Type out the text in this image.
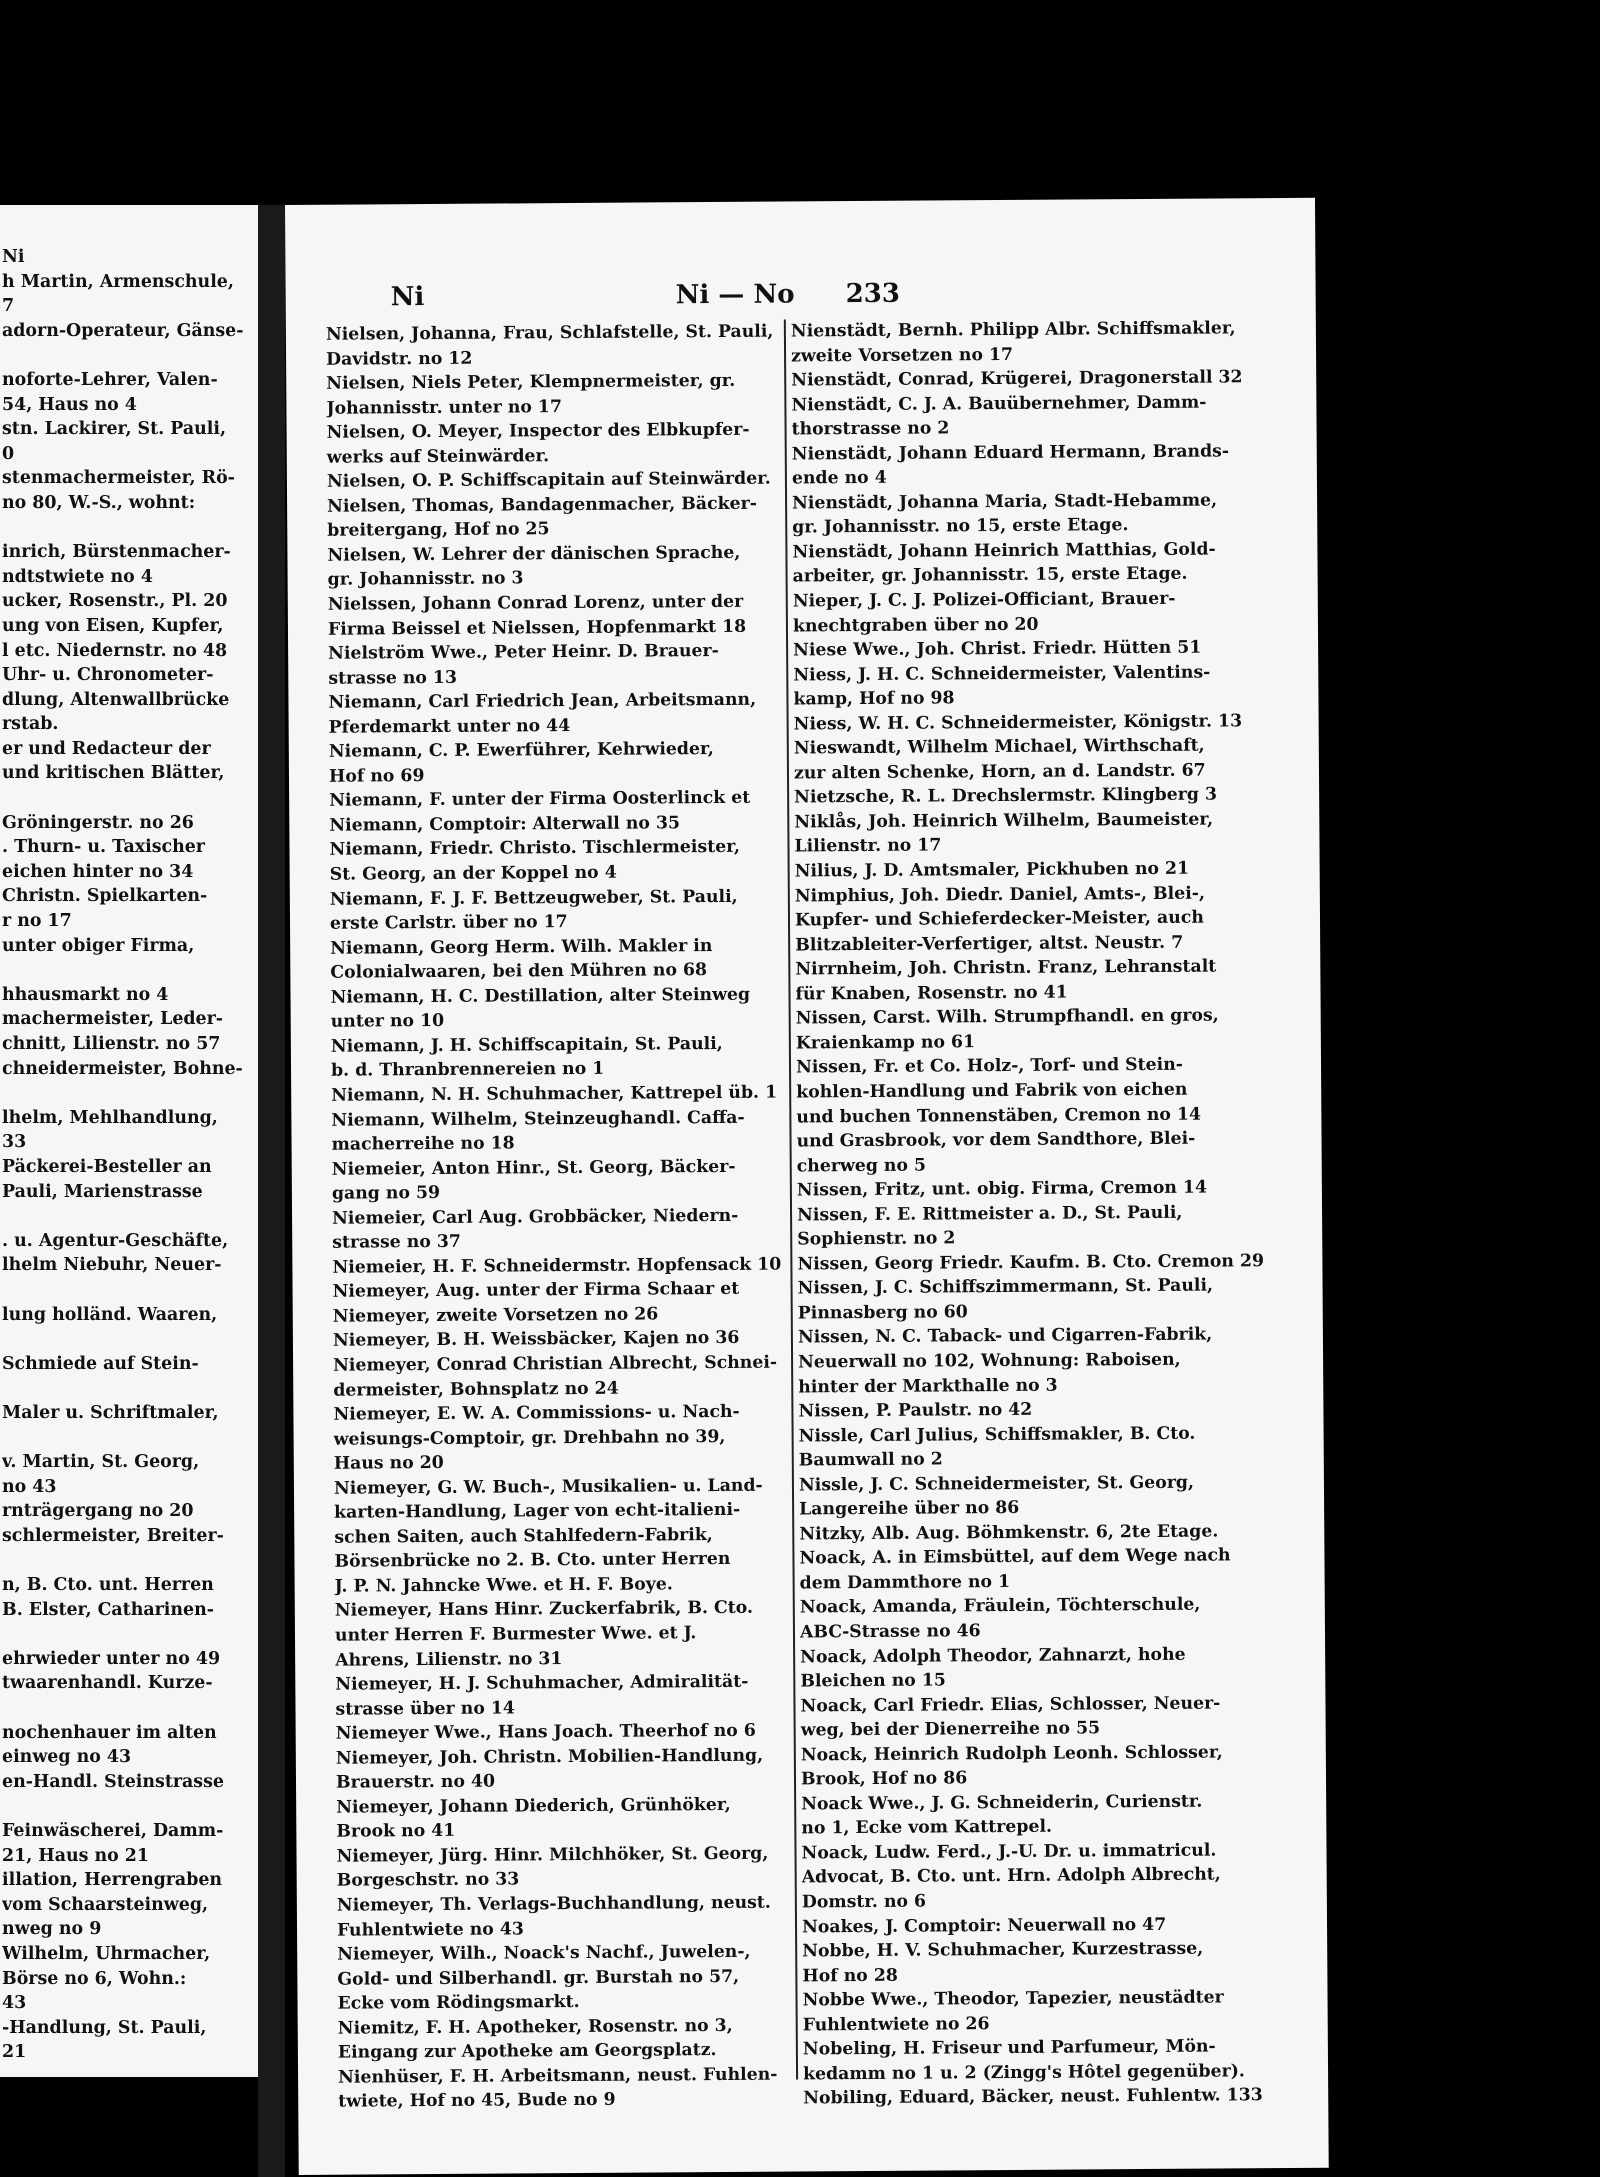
Ni
h Martin, Armenschule,
7
adorn-Operateur, Gänse-
noforte-Lehrer, Valen-
54, Haus no 4
stn. Lackirer, St. Pauli,
0
stenmachermeister, Rö-
no 80, W.-S., wohnt:
inrich, Bürstenmacher-
ndtstwiete no 4
ucker, Rosenstr., Pl. 20
ung von Eisen, Kupfer,
l etc. Niedernstr. no 48
Uhr- u. Chronometer-
dlung, Altenwallbrücke
rstab.
er und Redacteur der
und kritischen Blätter,
Gröningerstr. no 26
. Thurn- u. Taxischer
eichen hinter no 34
Christn. Spielkarten-
r no 17
unter obiger Firma,
hhausmarkt no 4
machermeister, Leder-
chnitt, Lilienstr. no 57
chneidermeister, Bohne-
lhelm, Mehlhandlung,
33
Päckerei-Besteller an
Pauli, Marienstrasse
. u. Agentur-Geschäfte,
lhelm Niebuhr, Neuer-
lung holländ. Waaren,
Schmiede auf Stein-
Maler u. Schriftmaler,
v. Martin, St. Georg,
no 43
rnträgergang no 20
schlermeister, Breiter-
n, B. Cto. unt. Herren
B. Elster, Catharinen-
ehrwieder unter no 49
twaarenhandl. Kurze-
nochenhauer im alten
einweg no 43
en-Handl. Steinstrasse
Feinwäscherei, Damm-
21, Haus no 21
illation, Herrengraben
vom Schaarsteinweg,
nweg no 9
Wilhelm, Uhrmacher,
Börse no 6, Wohn.:
43
-Handlung, St. Pauli,
21
Ni	Ni — No 233
Nielsen, Johanna, Frau, Schlafstelle, St. Pauli,
Davidstr. no 12
Nielsen, Niels Peter, Klempnermeister, gr.
Johannisstr. unter no 17
Nielsen, O. Meyer, Inspector des Elbkupfer-
werks auf Steinwärder.
Nielsen, O. P. Schiffscapitain auf Steinwärder.
Nielsen, Thomas, Bandagenmacher, Bäcker-
breitergang, Hof no 25
Nielsen, W. Lehrer der dänischen Sprache,
gr. Johannisstr. no 3
Nielssen, Johann Conrad Lorenz, unter der
Firma Beissel et Nielssen, Hopfenmarkt 18
Nielström Wwe., Peter Heinr. D. Brauer-
strasse no 13
Niemann, Carl Friedrich Jean, Arbeitsmann,
Pferdemarkt unter no 44
Niemann, C. P. Ewerführer, Kehrwieder,
Hof no 69
Niemann, F. unter der Firma Oosterlinck et
Niemann, Comptoir: Alterwall no 35
Niemann, Friedr. Christo. Tischlermeister,
St. Georg, an der Koppel no 4
Niemann, F. J. F. Bettzeugweber, St. Pauli,
erste Carlstr. über no 17
Niemann, Georg Herm. Wilh. Makler in
Colonialwaaren, bei den Mühren no 68
Niemann, H. C. Destillation, alter Steinweg
unter no 10
Niemann, J. H. Schiffscapitain, St. Pauli,
b. d. Thranbrennereien no 1
Niemann, N. H. Schuhmacher, Kattrepel üb. 1
Niemann, Wilhelm, Steinzeughandl. Caffa-
macherreihe no 18
Niemeier, Anton Hinr., St. Georg, Bäcker-
gang no 59
Niemeier, Carl Aug. Grobbäcker, Niedern-
strasse no 37
Niemeier, H. F. Schneidermstr. Hopfensack 10
Niemeyer, Aug. unter der Firma Schaar et
Niemeyer, zweite Vorsetzen no 26
Niemeyer, B. H. Weissbäcker, Kajen no 36
Niemeyer, Conrad Christian Albrecht, Schnei-
dermeister, Bohnsplatz no 24
Niemeyer, E. W. A. Commissions- u. Nach-
weisungs-Comptoir, gr. Drehbahn no 39,
Haus no 20
Niemeyer, G. W. Buch-, Musikalien- u. Land-
karten-Handlung, Lager von echt-italieni-
schen Saiten, auch Stahlfedern-Fabrik,
Börsenbrücke no 2. B. Cto. unter Herren
J. P. N. Jahncke Wwe. et H. F. Boye.
Niemeyer, Hans Hinr. Zuckerfabrik, B. Cto.
unter Herren F. Burmester Wwe. et J.
Ahrens, Lilienstr. no 31
Niemeyer, H. J. Schuhmacher, Admiralität-
strasse über no 14
Niemeyer Wwe., Hans Joach. Theerhof no 6
Niemeyer, Joh. Christn. Mobilien-Handlung,
Brauerstr. no 40
Niemeyer, Johann Diederich, Grünhöker,
Brook no 41
Niemeyer, Jürg. Hinr. Milchhöker, St. Georg,
Borgeschstr. no 33
Niemeyer, Th. Verlags-Buchhandlung, neust.
Fuhlentwiete no 43
Niemeyer, Wilh., Noack's Nachf., Juwelen-,
Gold- und Silberhandl. gr. Burstah no 57,
Ecke vom Rödingsmarkt.
Niemitz, F. H. Apotheker, Rosenstr. no 3,
Eingang zur Apotheke am Georgsplatz.
Nienhüser, F. H. Arbeitsmann, neust. Fuhlen-
twiete, Hof no 45, Bude no 9
Nienstädt, Bernh. Philipp Albr. Schiffsmakler,
zweite Vorsetzen no 17
Nienstädt, Conrad, Krügerei, Dragonerstall 32
Nienstädt, C. J. A. Bauübernehmer, Damm-
thorstrasse no 2
Nienstädt, Johann Eduard Hermann, Brands-
ende no 4
Nienstädt, Johanna Maria, Stadt-Hebamme,
gr. Johannisstr. no 15, erste Etage.
Nienstädt, Johann Heinrich Matthias, Gold-
arbeiter, gr. Johannisstr. 15, erste Etage.
Nieper, J. C. J. Polizei-Officiant, Brauer-
knechtgraben über no 20
Niese Wwe., Joh. Christ. Friedr. Hütten 51
Niess, J. H. C. Schneidermeister, Valentins-
kamp, Hof no 98
Niess, W. H. C. Schneidermeister, Königstr. 13
Nieswandt, Wilhelm Michael, Wirthschaft,
zur alten Schenke, Horn, an d. Landstr. 67
Nietzsche, R. L. Drechslermstr. Klingberg 3
Niklås, Joh. Heinrich Wilhelm, Baumeister,
Lilienstr. no 17
Nilius, J. D. Amtsmaler, Pickhuben no 21
Nimphius, Joh. Diedr. Daniel, Amts-, Blei-,
Kupfer- und Schieferdecker-Meister, auch
Blitzableiter-Verfertiger, altst. Neustr. 7
Nirrnheim, Joh. Christn. Franz, Lehranstalt
für Knaben, Rosenstr. no 41
Nissen, Carst. Wilh. Strumpfhandl. en gros,
Kraienkamp no 61
Nissen, Fr. et Co. Holz-, Torf- und Stein-
kohlen-Handlung und Fabrik von eichen
und buchen Tonnenstäben, Cremon no 14
und Grasbrook, vor dem Sandthore, Blei-
cherweg no 5
Nissen, Fritz, unt. obig. Firma, Cremon 14
Nissen, F. E. Rittmeister a. D., St. Pauli,
Sophienstr. no 2
Nissen, Georg Friedr. Kaufm. B. Cto. Cremon 29
Nissen, J. C. Schiffszimmermann, St. Pauli,
Pinnasberg no 60
Nissen, N. C. Taback- und Cigarren-Fabrik,
Neuerwall no 102, Wohnung: Raboisen,
hinter der Markthalle no 3
Nissen, P. Paulstr. no 42
Nissle, Carl Julius, Schiffsmakler, B. Cto.
Baumwall no 2
Nissle, J. C. Schneidermeister, St. Georg,
Langereihe über no 86
Nitzky, Alb. Aug. Böhmkenstr. 6, 2te Etage.
Noack, A. in Eimsbüttel, auf dem Wege nach
dem Dammthore no 1
Noack, Amanda, Fräulein, Töchterschule,
ABC-Strasse no 46
Noack, Adolph Theodor, Zahnarzt, hohe
Bleichen no 15
Noack, Carl Friedr. Elias, Schlosser, Neuer-
weg, bei der Dienerreihe no 55
Noack, Heinrich Rudolph Leonh. Schlosser,
Brook, Hof no 86
Noack Wwe., J. G. Schneiderin, Curienstr.
no 1, Ecke vom Kattrepel.
Noack, Ludw. Ferd., J.-U. Dr. u. immatricul.
Advocat, B. Cto. unt. Hrn. Adolph Albrecht,
Domstr. no 6
Noakes, J. Comptoir: Neuerwall no 47
Nobbe, H. V. Schuhmacher, Kurzestrasse,
Hof no 28
Nobbe Wwe., Theodor, Tapezier, neustädter
Fuhlentwiete no 26
Nobeling, H. Friseur und Parfumeur, Mön-
kedamm no 1 u. 2 (Zingg's Hôtel gegenüber).
Nobiling, Eduard, Bäcker, neust. Fuhlentw. 133
